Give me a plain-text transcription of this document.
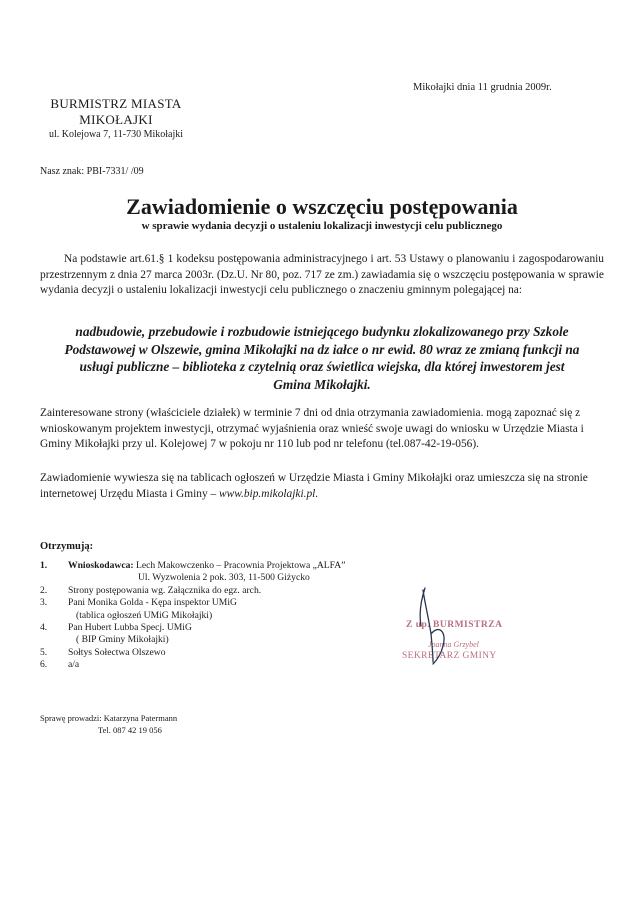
Mikołajki dnia 11 grudnia 2009r.
BURMISTRZ MIASTA
MIKOŁAJKI
ul. Kolejowa 7, 11-730 Mikołajki
Nasz znak: PBI-7331/ /09
Zawiadomienie o wszczęciu postępowania
w sprawie wydania decyzji o ustaleniu lokalizacji inwestycji celu publicznego
Na podstawie art.61.§ 1 kodeksu postępowania administracyjnego i art. 53 Ustawy o planowaniu i zagospodarowaniu przestrzennym z dnia 27 marca 2003r. (Dz.U. Nr 80, poz. 717 ze zm.) zawiadamia się o wszczęciu postępowania w sprawie wydania decyzji o ustaleniu lokalizacji inwestycji celu publicznego o znaczeniu gminnym polegającej na:
nadbudowie, przebudowie i rozbudowie istniejącego budynku zlokalizowanego przy Szkole Podstawowej w Olszewie, gmina Mikołajki na dz iałce o nr ewid. 80 wraz ze zmianą funkcji na usługi publiczne – biblioteka z czytelnią oraz świetlica wiejska, dla której inwestorem jest Gmina Mikołajki.
Zainteresowane strony (właściciele działek) w terminie 7 dni od dnia otrzymania zawiadomienia. mogą zapoznać się z wnioskowanym projektem inwestycji, otrzymać wyjaśnienia oraz wnieść swoje uwagi do wniosku w Urzędzie Miasta i Gminy Mikołajki przy ul. Kolejowej 7 w pokoju nr 110 lub pod nr telefonu (tel.087-42-19-056).
Zawiadomienie wywiesza się na tablicach ogłoszeń w Urzędzie Miasta i Gminy Mikołajki oraz umieszcza się na stronie internetowej Urzędu Miasta i Gminy – www.bip.mikolajki.pl.
Otrzymują:
1.	Wnioskodawca: Lech Makowczenko – Pracownia Projektowa „ALFA”
Ul. Wyzwolenia 2 pok. 303, 11-500 Giżycko
2.	Strony postępowania wg. Załącznika do egz. arch.
3.	Pani Monika Golda - Kępa inspektor UMiG
(tablica ogłoszeń UMiG Mikołajki)
4.	Pan Hubert Lubba Specj. UMiG
( BIP Gminy Mikołajki)
5.	Sołtys Sołectwa Olszewo
6.	a/a
Z up. BURMISTRZA
Joanna Grzybel
SEKRETARZ GMINY
Sprawę prowadzi: Katarzyna Patermann
Tel. 087 42 19 056
